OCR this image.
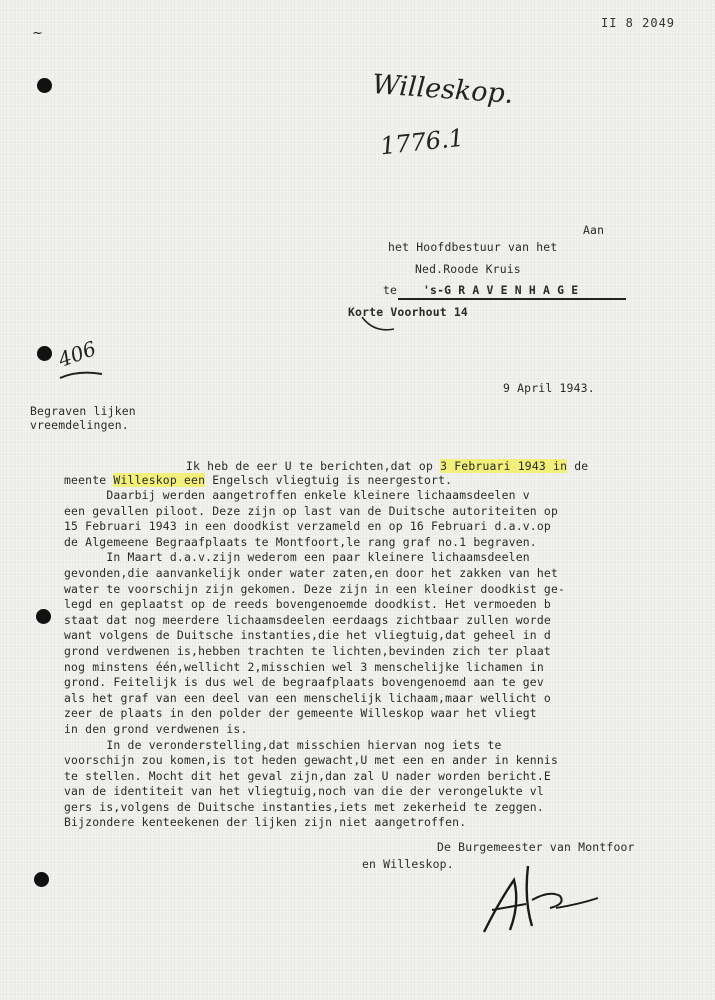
II 8 2049
~
Willeskop.
1776.1
406
Aan
het Hoofdbestuur van het
Ned.Roode Kruis
te 's-G R A V E N H A G E
Korte Voorhout 14
9 April 1943.
Begraven lijken
vreemdelingen.
Ik heb de eer U te berichten,dat op 3 Februari 1943 in de
meente Willeskop een Engelsch vliegtuig is neergestort.
Daarbij werden aangetroffen enkele kleinere lichaamsdeelen v
een gevallen piloot. Deze zijn op last van de Duitsche autoriteiten op
15 Februari 1943 in een doodkist verzameld en op 16 Februari d.a.v.op
de Algemeene Begraafplaats te Montfoort,le rang graf no.1 begraven.
In Maart d.a.v.zijn wederom een paar kleinere lichaamsdeelen
gevonden,die aanvankelijk onder water zaten,en door het zakken van het
water te voorschijn zijn gekomen. Deze zijn in een kleiner doodkist ge-
legd en geplaatst op de reeds bovengenoemde doodkist. Het vermoeden b
staat dat nog meerdere lichaamsdeelen eerdaags zichtbaar zullen worde
want volgens de Duitsche instanties,die het vliegtuig,dat geheel in d
grond verdwenen is,hebben trachten te lichten,bevinden zich ter plaat
nog minstens één,wellicht 2,misschien wel 3 menschelijke lichamen in
grond. Feitelijk is dus wel de begraafplaats bovengenoemd aan te gev
als het graf van een deel van een menschelijk lichaam,maar wellicht o
zeer de plaats in den polder der gemeente Willeskop waar het vliegt
in den grond verdwenen is.
In de veronderstelling,dat misschien hiervan nog iets te
voorschijn zou komen,is tot heden gewacht,U met een en ander in kennis
te stellen. Mocht dit het geval zijn,dan zal U nader worden bericht.E
van de identiteit van het vliegtuig,noch van die der verongelukte vl
gers is,volgens de Duitsche instanties,iets met zekerheid te zeggen.
Bijzondere kenteekenen der lijken zijn niet aangetroffen.
De Burgemeester van Montfoor
en Willeskop.
